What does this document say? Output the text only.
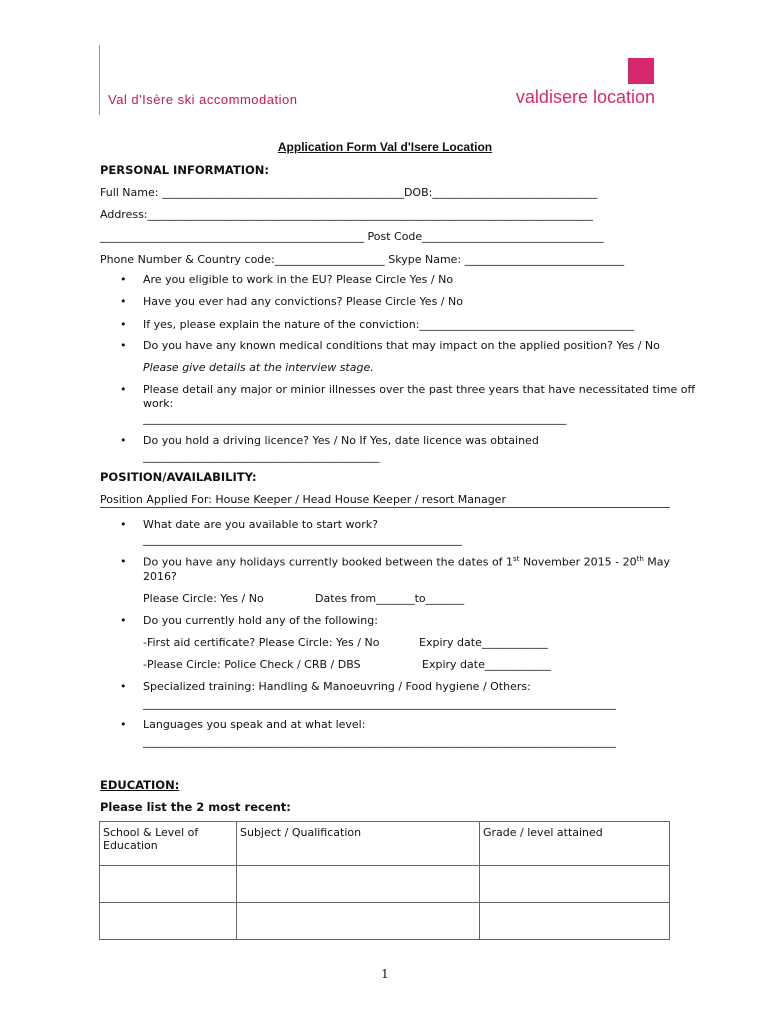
Val d'Isère ski accommodation	valdisere location
Application Form Val d'Isere Location
PERSONAL INFORMATION:
Full Name: ____________________________________________DOB:______________________________
Address:_________________________________________________________________________________
________________________________________________ Post Code_________________________________
Phone Number & Country code:____________________ Skype Name: _____________________________
• Are you eligible to work in the EU? Please Circle Yes / No
• Have you ever had any convictions? Please Circle Yes / No
• If yes, please explain the nature of the conviction:_______________________________________
• Do you have any known medical conditions that may impact on the applied position? Yes / No
Please give details at the interview stage.
• Please detail any major or minior illnesses over the past three years that have necessitated time off
work:
_____________________________________________________________________________
• Do you hold a driving licence? Yes / No If Yes, date licence was obtained
___________________________________________
POSITION/AVAILABILITY:
Position Applied For: House Keeper / Head House Keeper / resort Manager
• What date are you available to start work?
__________________________________________________________
• Do you have any holidays currently booked between the dates of 1st November 2015 - 20th May
2016?
Please Circle: Yes / No	Dates from_______to_______
• Do you currently hold any of the following:
-First aid certificate? Please Circle: Yes / No	Expiry date____________
-Please Circle: Police Check / CRB / DBS	Expiry date____________
• Specialized training: Handling & Manoeuvring / Food hygiene / Others:
______________________________________________________________________________________
• Languages you speak and at what level:
______________________________________________________________________________________
EDUCATION:
Please list the 2 most recent:
School & Level of Education	Subject / Qualification	Grade / level attained

1
